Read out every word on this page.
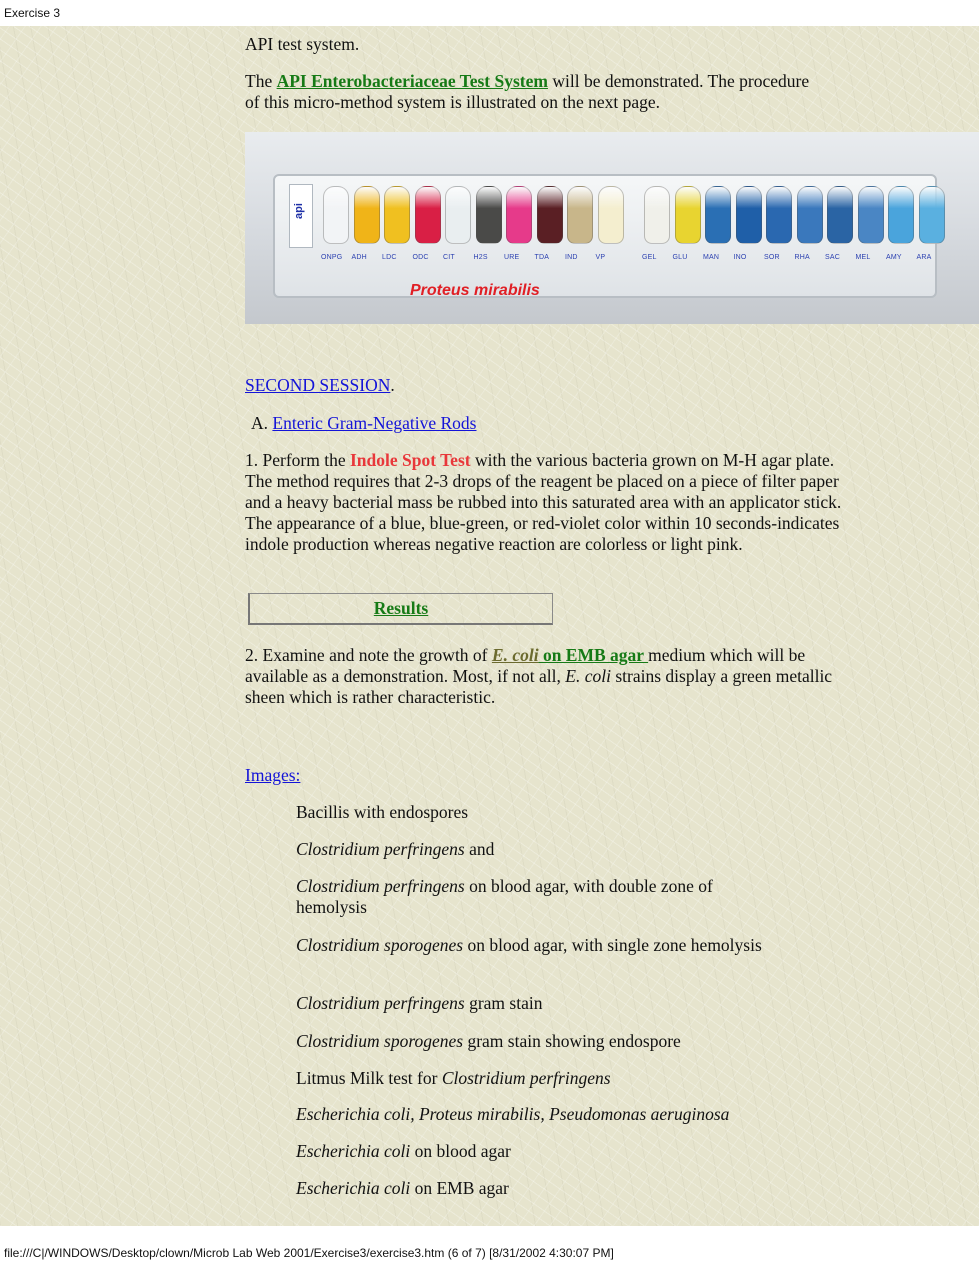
Exercise 3
API test system.
The API Enterobacteriaceae Test System will be demonstrated. The procedure of this micro-method system is illustrated on the next page.
api
ONPG ADH LDC ODC CIT	H2S URE TDA IND	VP	GEL GLU MAN INO SOR RHA SAC MEL AMY ARA
Proteus mirabilis
SECOND SESSION.
A. Enteric Gram-Negative Rods
1. Perform the Indole Spot Test with the various bacteria grown on M-H agar plate. The method requires that 2-3 drops of the reagent be placed on a piece of filter paper and a heavy bacterial mass be rubbed into this saturated area with an applicator stick. The appearance of a blue, blue-green, or red-violet color within 10 seconds-indicates indole production whereas negative reaction are colorless or light pink.
Results
2. Examine and note the growth of E. coli on EMB agar medium which will be available as a demonstration. Most, if not all, E. coli strains display a green metallic sheen which is rather characteristic.
Images:
Bacillis with endospores
Clostridium perfringens and
Clostridium perfringens on blood agar, with double zone of hemolysis
Clostridium sporogenes on blood agar, with single zone hemolysis
Clostridium perfringens gram stain
Clostridium sporogenes gram stain showing endospore
Litmus Milk test for Clostridium perfringens
Escherichia coli, Proteus mirabilis, Pseudomonas aeruginosa
Escherichia coli on blood agar
Escherichia coli on EMB agar
file:///C|/WINDOWS/Desktop/clown/Microb Lab Web 2001/Exercise3/exercise3.htm (6 of 7) [8/31/2002 4:30:07 PM]
